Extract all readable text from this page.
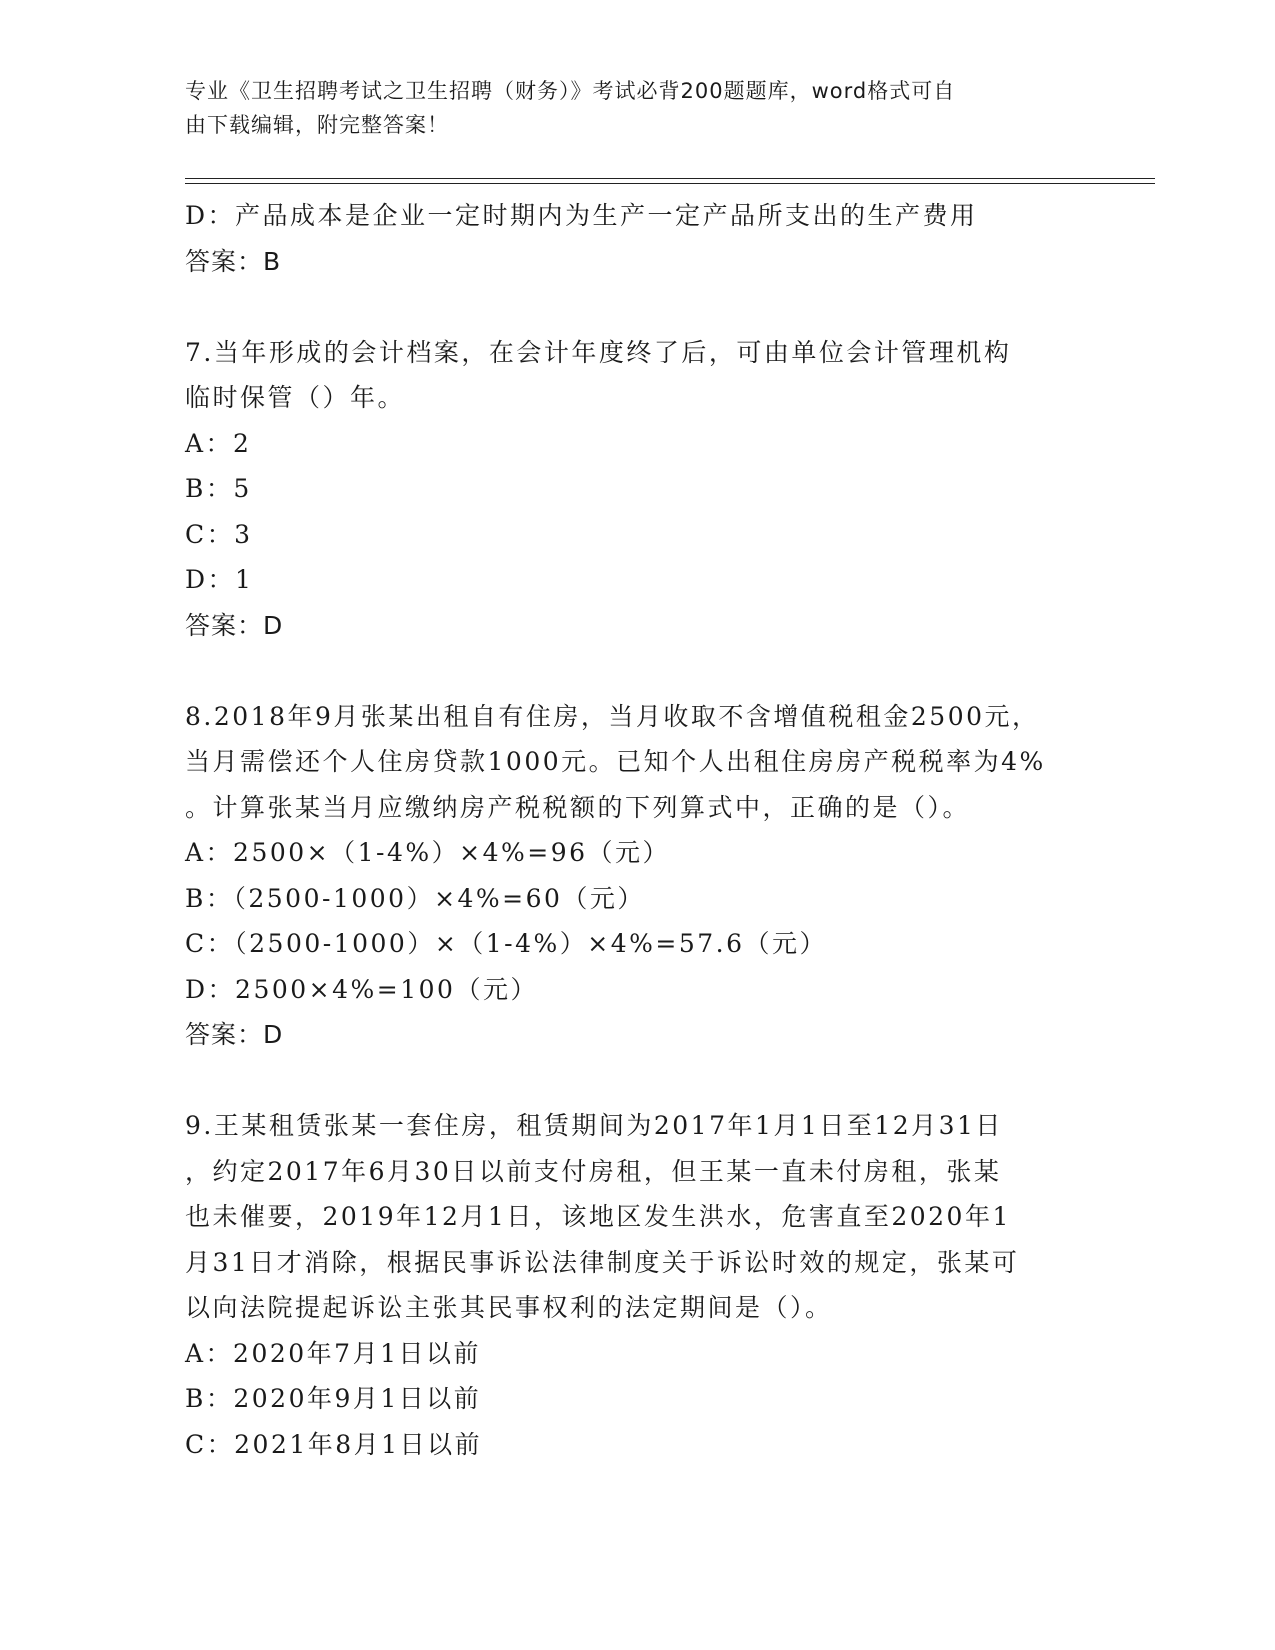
专业《卫生招聘考试之卫生招聘（财务）》考试必背200题题库，word格式可自
由下载编辑，附完整答案！
D：产品成本是企业一定时期内为生产一定产品所支出的生产费用
答案：B
7.当年形成的会计档案，在会计年度终了后，可由单位会计管理机构
临时保管（）年。
A：2
B：5
C：3
D：1
答案：D
8.2018年9月张某出租自有住房，当月收取不含增值税租金2500元，
当月需偿还个人住房贷款1000元。已知个人出租住房房产税税率为4%
。计算张某当月应缴纳房产税税额的下列算式中，正确的是（）。
A：2500×（1-4%）×4%=96（元）
B：（2500-1000）×4%=60（元）
C：（2500-1000）×（1-4%）×4%=57.6（元）
D：2500×4%=100（元）
答案：D
9.王某租赁张某一套住房，租赁期间为2017年1月1日至12月31日
，约定2017年6月30日以前支付房租，但王某一直未付房租，张某
也未催要，2019年12月1日，该地区发生洪水，危害直至2020年1
月31日才消除，根据民事诉讼法律制度关于诉讼时效的规定，张某可
以向法院提起诉讼主张其民事权利的法定期间是（）。
A：2020年7月1日以前
B：2020年9月1日以前
C：2021年8月1日以前
